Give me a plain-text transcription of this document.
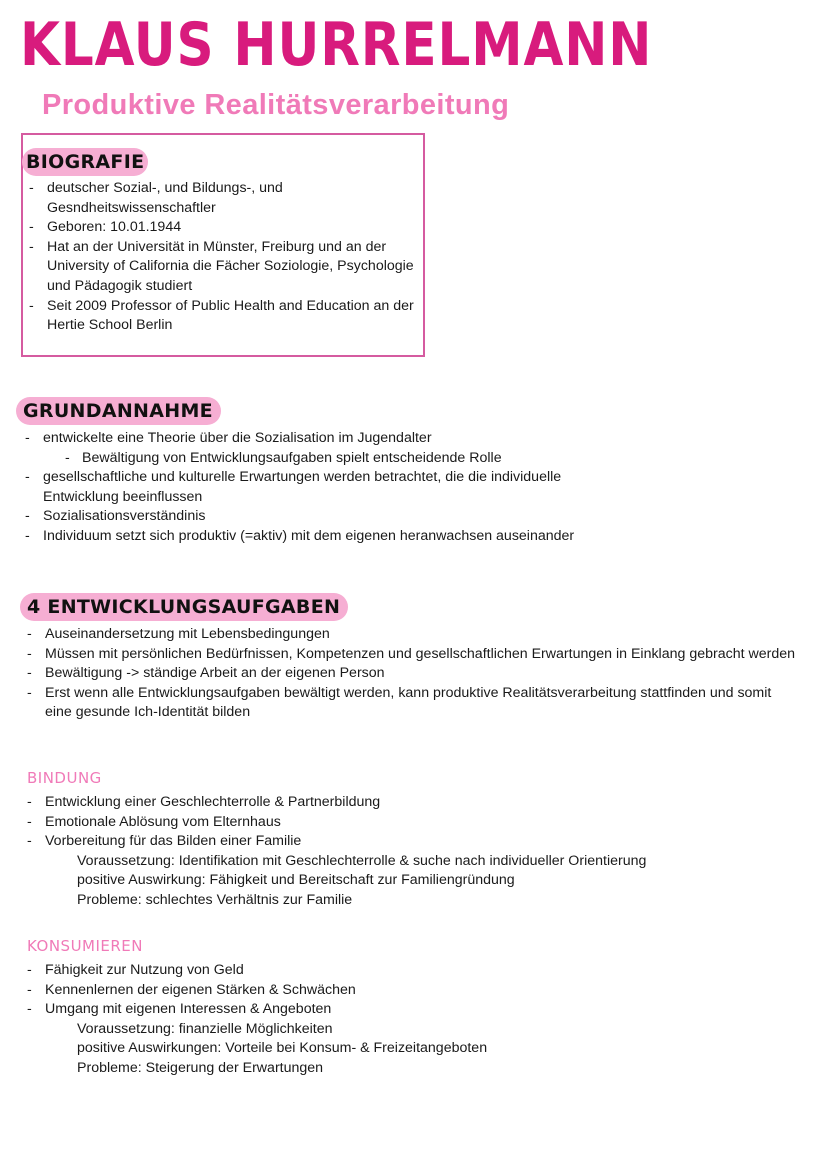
KLAUS HURRELMANN
Produktive Realitätsverarbeitung
BIOGRAFIE
- deutscher Sozial-, und Bildungs-, und Gesndheitswissenschaftler
- Geboren: 10.01.1944
- Hat an der Universität in Münster, Freiburg und an der University of California die Fächer Soziologie, Psychologie und Pädagogik studiert
- Seit 2009 Professor of Public Health and Education an der Hertie School Berlin
GRUNDANNAHME
- entwickelte eine Theorie über die Sozialisation im Jugendalter
- Bewältigung von Entwicklungsaufgaben spielt entscheidende Rolle
- gesellschaftliche und kulturelle Erwartungen werden betrachtet, die die individuelle Entwicklung beeinflussen
- Sozialisationsverständinis
- Individuum setzt sich produktiv (=aktiv) mit dem eigenen heranwachsen auseinander
4 ENTWICKLUNGSAUFGABEN
- Auseinandersetzung mit Lebensbedingungen
- Müssen mit persönlichen Bedürfnissen, Kompetenzen und gesellschaftlichen Erwartungen in Einklang gebracht werden
- Bewältigung -> ständige Arbeit an der eigenen Person
- Erst wenn alle Entwicklungsaufgaben bewältigt werden, kann produktive Realitätsverarbeitung stattfinden und somit eine gesunde Ich-Identität bilden
BINDUNG
- Entwicklung einer Geschlechterrolle & Partnerbildung
- Emotionale Ablösung vom Elternhaus
- Vorbereitung für das Bilden einer Familie
Voraussetzung: Identifikation mit Geschlechterrolle & suche nach individueller Orientierung
positive Auswirkung: Fähigkeit und Bereitschaft zur Familiengründung
Probleme: schlechtes Verhältnis zur Familie
KONSUMIEREN
- Fähigkeit zur Nutzung von Geld
- Kennenlernen der eigenen Stärken & Schwächen
- Umgang mit eigenen Interessen & Angeboten
Voraussetzung: finanzielle Möglichkeiten
positive Auswirkungen: Vorteile bei Konsum- & Freizeitangeboten
Probleme: Steigerung der Erwartungen
